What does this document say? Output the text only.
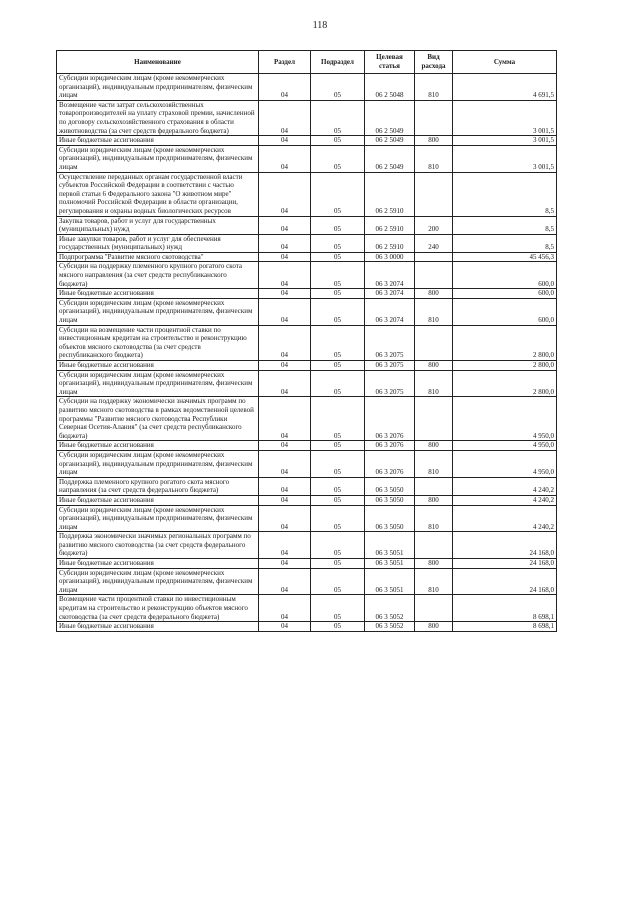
118
Наименование	Раздел	Подраздел	Целевая статья	Вид расхода	Сумма
Субсидии юридическим лицам (кроме некоммерческих организаций), индивидуальным предпринимателям, физическим лицам	04	05	06 2 5048	810	4 691,5
Возмещение части затрат сельскохозяйственных товаропроизводителей на уплату страховой премии, начисленной по договору сельскохозяйственного страхования в области животноводства (за счет средств федерального бюджета)	04	05	06 2 5049		3 001,5
Иные бюджетные ассигнования	04	05	06 2 5049	800	3 001,5
Субсидии юридическим лицам (кроме некоммерческих организаций), индивидуальным предпринимателям, физическим лицам	04	05	06 2 5049	810	3 001,5
Осуществление переданных органам государственной власти субъектов Российской Федерации в соответствии с частью первой статьи 6 Федерального закона "О животном мире" полномочий Российской Федерации в области организации, регулирования и охраны водных биологических ресурсов	04	05	06 2 5910		8,5
Закупка товаров, работ и услуг для государственных (муниципальных) нужд	04	05	06 2 5910	200	8,5
Иные закупки товаров, работ и услуг для обеспечения государственных (муниципальных) нужд	04	05	06 2 5910	240	8,5
Подпрограмма "Развитие мясного скотоводства"	04	05	06 3 0000		45 456,3
Субсидии на поддержку племенного крупного рогатого скота мясного направления (за счет средств республиканского бюджета)	04	05	06 3 2074		600,0
Иные бюджетные ассигнования	04	05	06 3 2074	800	600,0
Субсидии юридическим лицам (кроме некоммерческих организаций), индивидуальным предпринимателям, физическим лицам	04	05	06 3 2074	810	600,0
Субсидии на возмещение части процентной ставки по инвестиционным кредитам на строительство и реконструкцию объектов мясного скотоводства (за счет средств республиканского бюджета)	04	05	06 3 2075		2 800,0
Иные бюджетные ассигнования	04	05	06 3 2075	800	2 800,0
Субсидии юридическим лицам (кроме некоммерческих организаций), индивидуальным предпринимателям, физическим лицам	04	05	06 3 2075	810	2 800,0
Субсидии на поддержку экономически значимых программ по развитию мясного скотоводства в рамках ведомственной целевой программы "Развитие мясного скотоводства Республики Северная Осетия-Алания" (за счет средств республиканского бюджета)	04	05	06 3 2076		4 950,0
Иные бюджетные ассигнования	04	05	06 3 2076	800	4 950,0
Субсидии юридическим лицам (кроме некоммерческих организаций), индивидуальным предпринимателям, физическим лицам	04	05	06 3 2076	810	4 950,0
Поддержка племенного крупного рогатого скота мясного направления (за счет средств федерального бюджета)	04	05	06 3 5050		4 240,2
Иные бюджетные ассигнования	04	05	06 3 5050	800	4 240,2
Субсидии юридическим лицам (кроме некоммерческих организаций), индивидуальным предпринимателям, физическим лицам	04	05	06 3 5050	810	4 240,2
Поддержка экономически значимых региональных программ по развитию мясного скотоводства (за счет средств федерального бюджета)	04	05	06 3 5051		24 168,0
Иные бюджетные ассигнования	04	05	06 3 5051	800	24 168,0
Субсидии юридическим лицам (кроме некоммерческих организаций), индивидуальным предпринимателям, физическим лицам	04	05	06 3 5051	810	24 168,0
Возмещение части процентной ставки по инвестиционным кредитам на строительство и реконструкцию объектов мясного скотоводства (за счет средств федерального бюджета)	04	05	06 3 5052		8 698,1
Иные бюджетные ассигнования	04	05	06 3 5052	800	8 698,1
